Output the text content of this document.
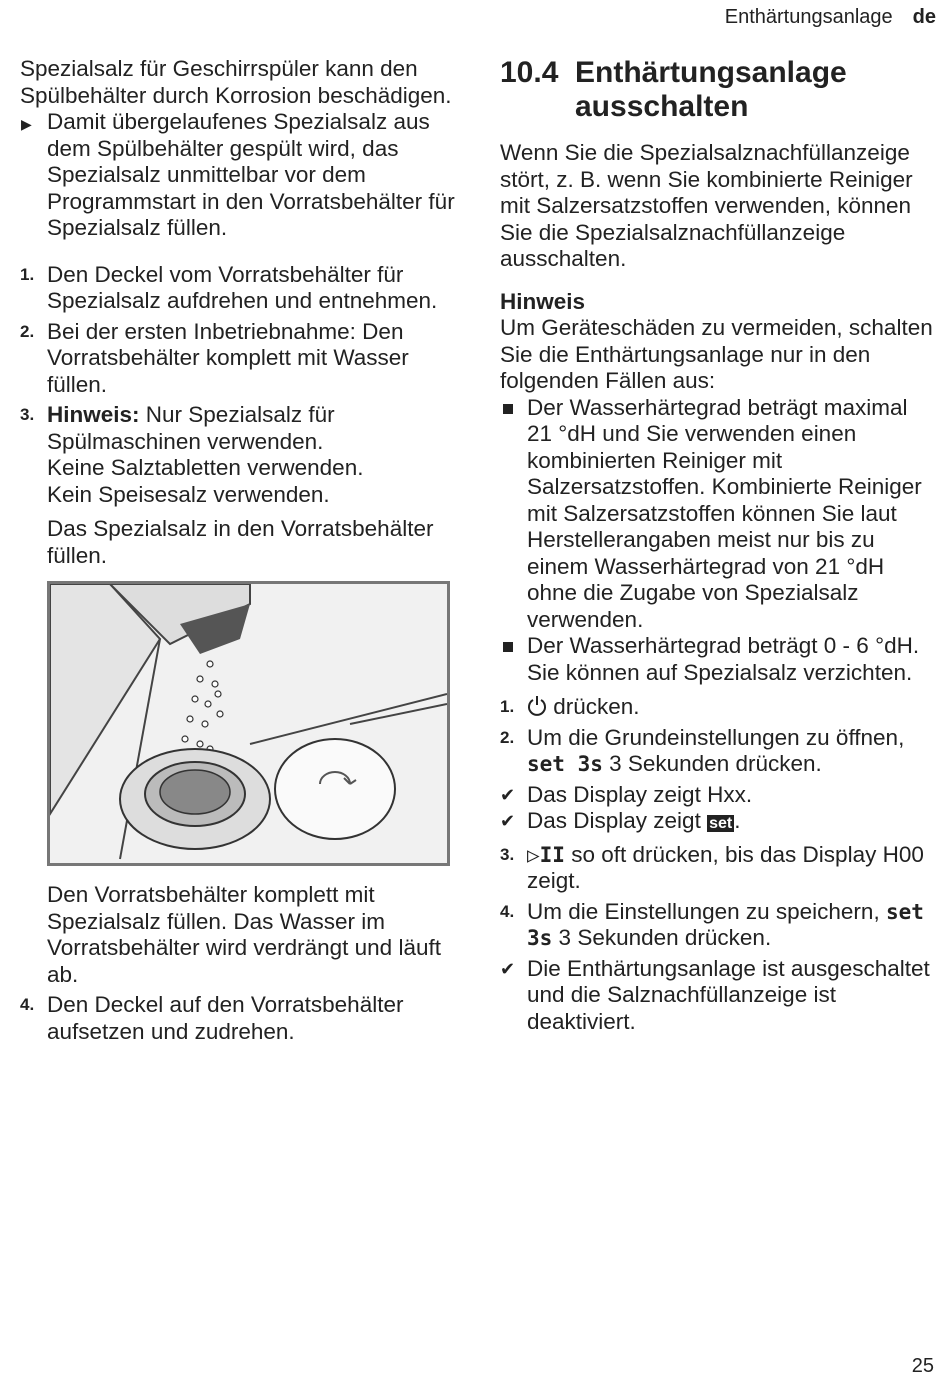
Enthärtungsanlage de

Spezialsalz für Geschirrspüler kann den Spülbehälter durch Korrosion beschädigen.

▶ Damit übergelaufenes Spezialsalz aus dem Spülbehälter gespült wird, das Spezialsalz unmittelbar vor dem Programmstart in den Vorratsbehälter für Spezialsalz füllen.
1. Den Deckel vom Vorratsbehälter für Spezialsalz aufdrehen und entnehmen.
2. Bei der ersten Inbetriebnahme: Den Vorratsbehälter komplett mit Wasser füllen.
3. Hinweis: Nur Spezialsalz für Spülmaschinen verwenden.
Keine Salztabletten verwenden.
Kein Speisesalz verwenden.
Das Spezialsalz in den Vorratsbehälter füllen.

Den Vorratsbehälter komplett mit Spezialsalz füllen. Das Wasser im Vorratsbehälter wird verdrängt und läuft ab.

4. Den Deckel auf den Vorratsbehälter aufsetzen und zudrehen.
10.4 Enthärtungsanlage ausschalten

Wenn Sie die Spezialsalznachfüllanzeige stört, z. B. wenn Sie kombinierte Reiniger mit Salzersatzstoffen verwenden, können Sie die Spezialsalznachfüllanzeige ausschalten.

Hinweis

Um Geräteschäden zu vermeiden, schalten Sie die Enthärtungsanlage nur in den folgenden Fällen aus:

Der Wasserhärtegrad beträgt maximal 21 °dH und Sie verwenden einen kombinierten Reiniger mit Salzersatzstoffen. Kombinierte Reiniger mit Salzersatzstoffen können Sie laut Herstellerangaben meist nur bis zu einem Wasserhärtegrad von 21 °dH ohne die Zugabe von Spezialsalz verwenden.
Der Wasserhärtegrad beträgt 0 - 6 °dH. Sie können auf Spezialsalz verzichten.
1. drücken.
2. Um die Grundeinstellungen zu öffnen, set 3s 3 Sekunden drücken.
✔ Das Display zeigt Hxx.
✔ Das Display zeigt set.
3. ▷II so oft drücken, bis das Display H00 zeigt.
4. Um die Einstellungen zu speichern, set 3s 3 Sekunden drücken.
✔ Die Enthärtungsanlage ist ausgeschaltet und die Salznachfüllanzeige ist deaktiviert.
25
